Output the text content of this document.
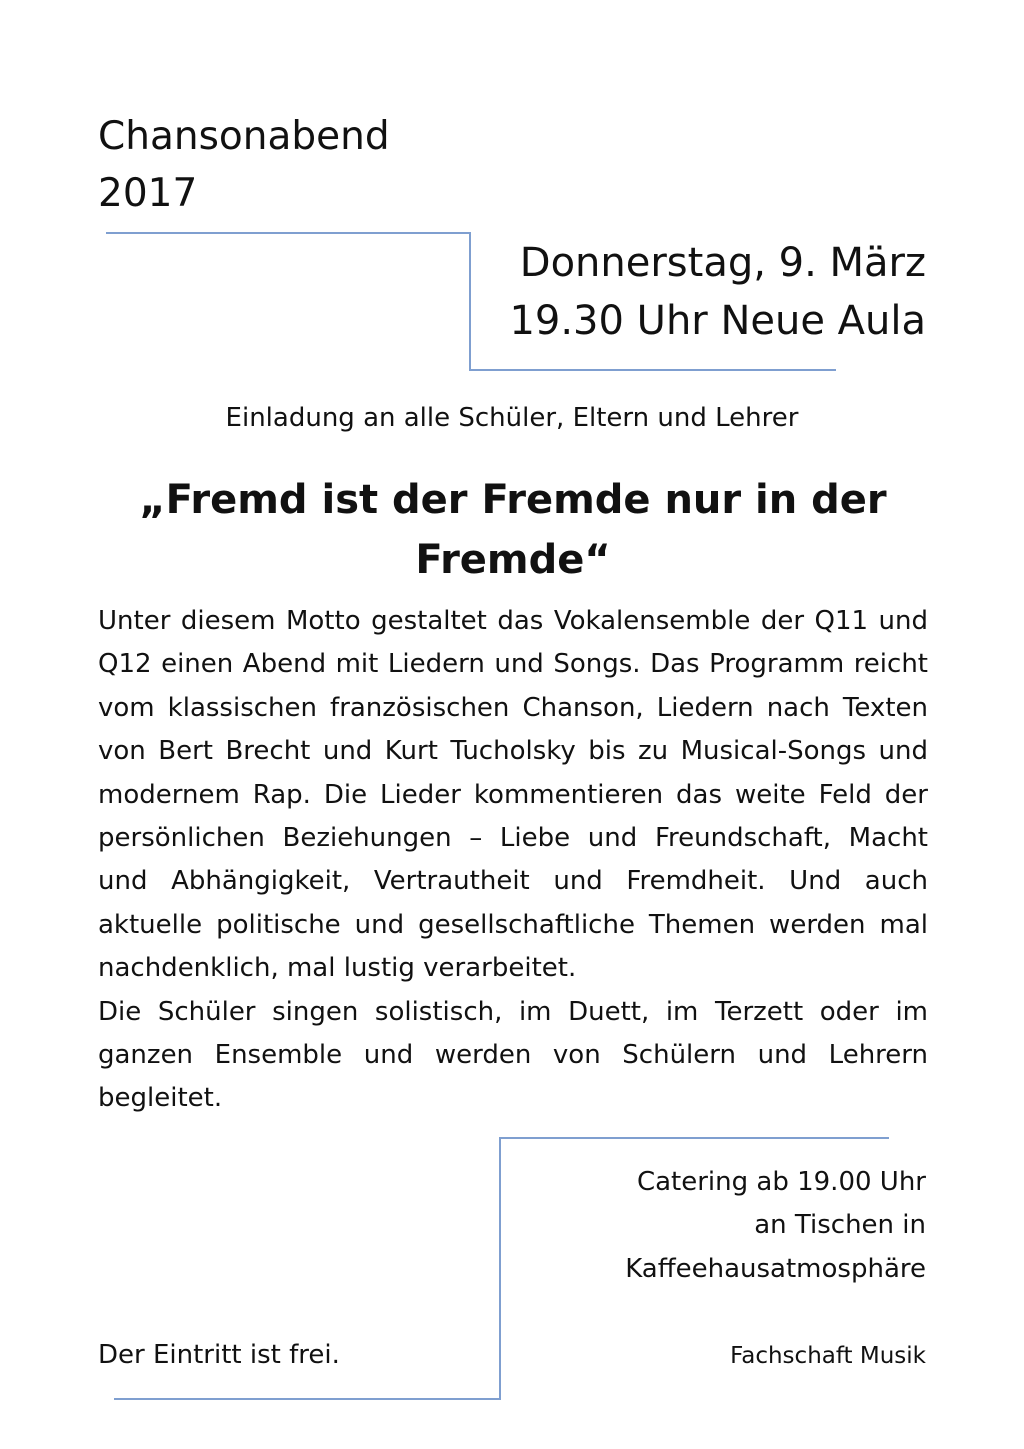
Chansonabend
2017
Donnerstag, 9. März
19.30 Uhr Neue Aula
Einladung an alle Schüler, Eltern und Lehrer
„Fremd ist der Fremde nur in der Fremde“

Unter diesem Motto gestaltet das Vokalensemble der Q11 und Q12 einen Abend mit Liedern und Songs. Das Programm reicht vom klassischen französischen Chanson, Liedern nach Texten von Bert Brecht und Kurt Tucholsky bis zu Musical-Songs und modernem Rap. Die Lieder kommentieren das weite Feld der persönlichen Beziehungen – Liebe und Freundschaft, Macht und Abhängigkeit, Vertrautheit und Fremdheit. Und auch aktuelle politische und gesellschaftliche Themen werden mal nachdenklich, mal lustig verarbeitet.

Die Schüler singen solistisch, im Duett, im Terzett oder im ganzen Ensemble und werden von Schülern und Lehrern begleitet.

Catering ab 19.00 Uhr
an Tischen in
Kaffeehausatmosphäre
Der Eintritt ist frei.	Fachschaft Musik
